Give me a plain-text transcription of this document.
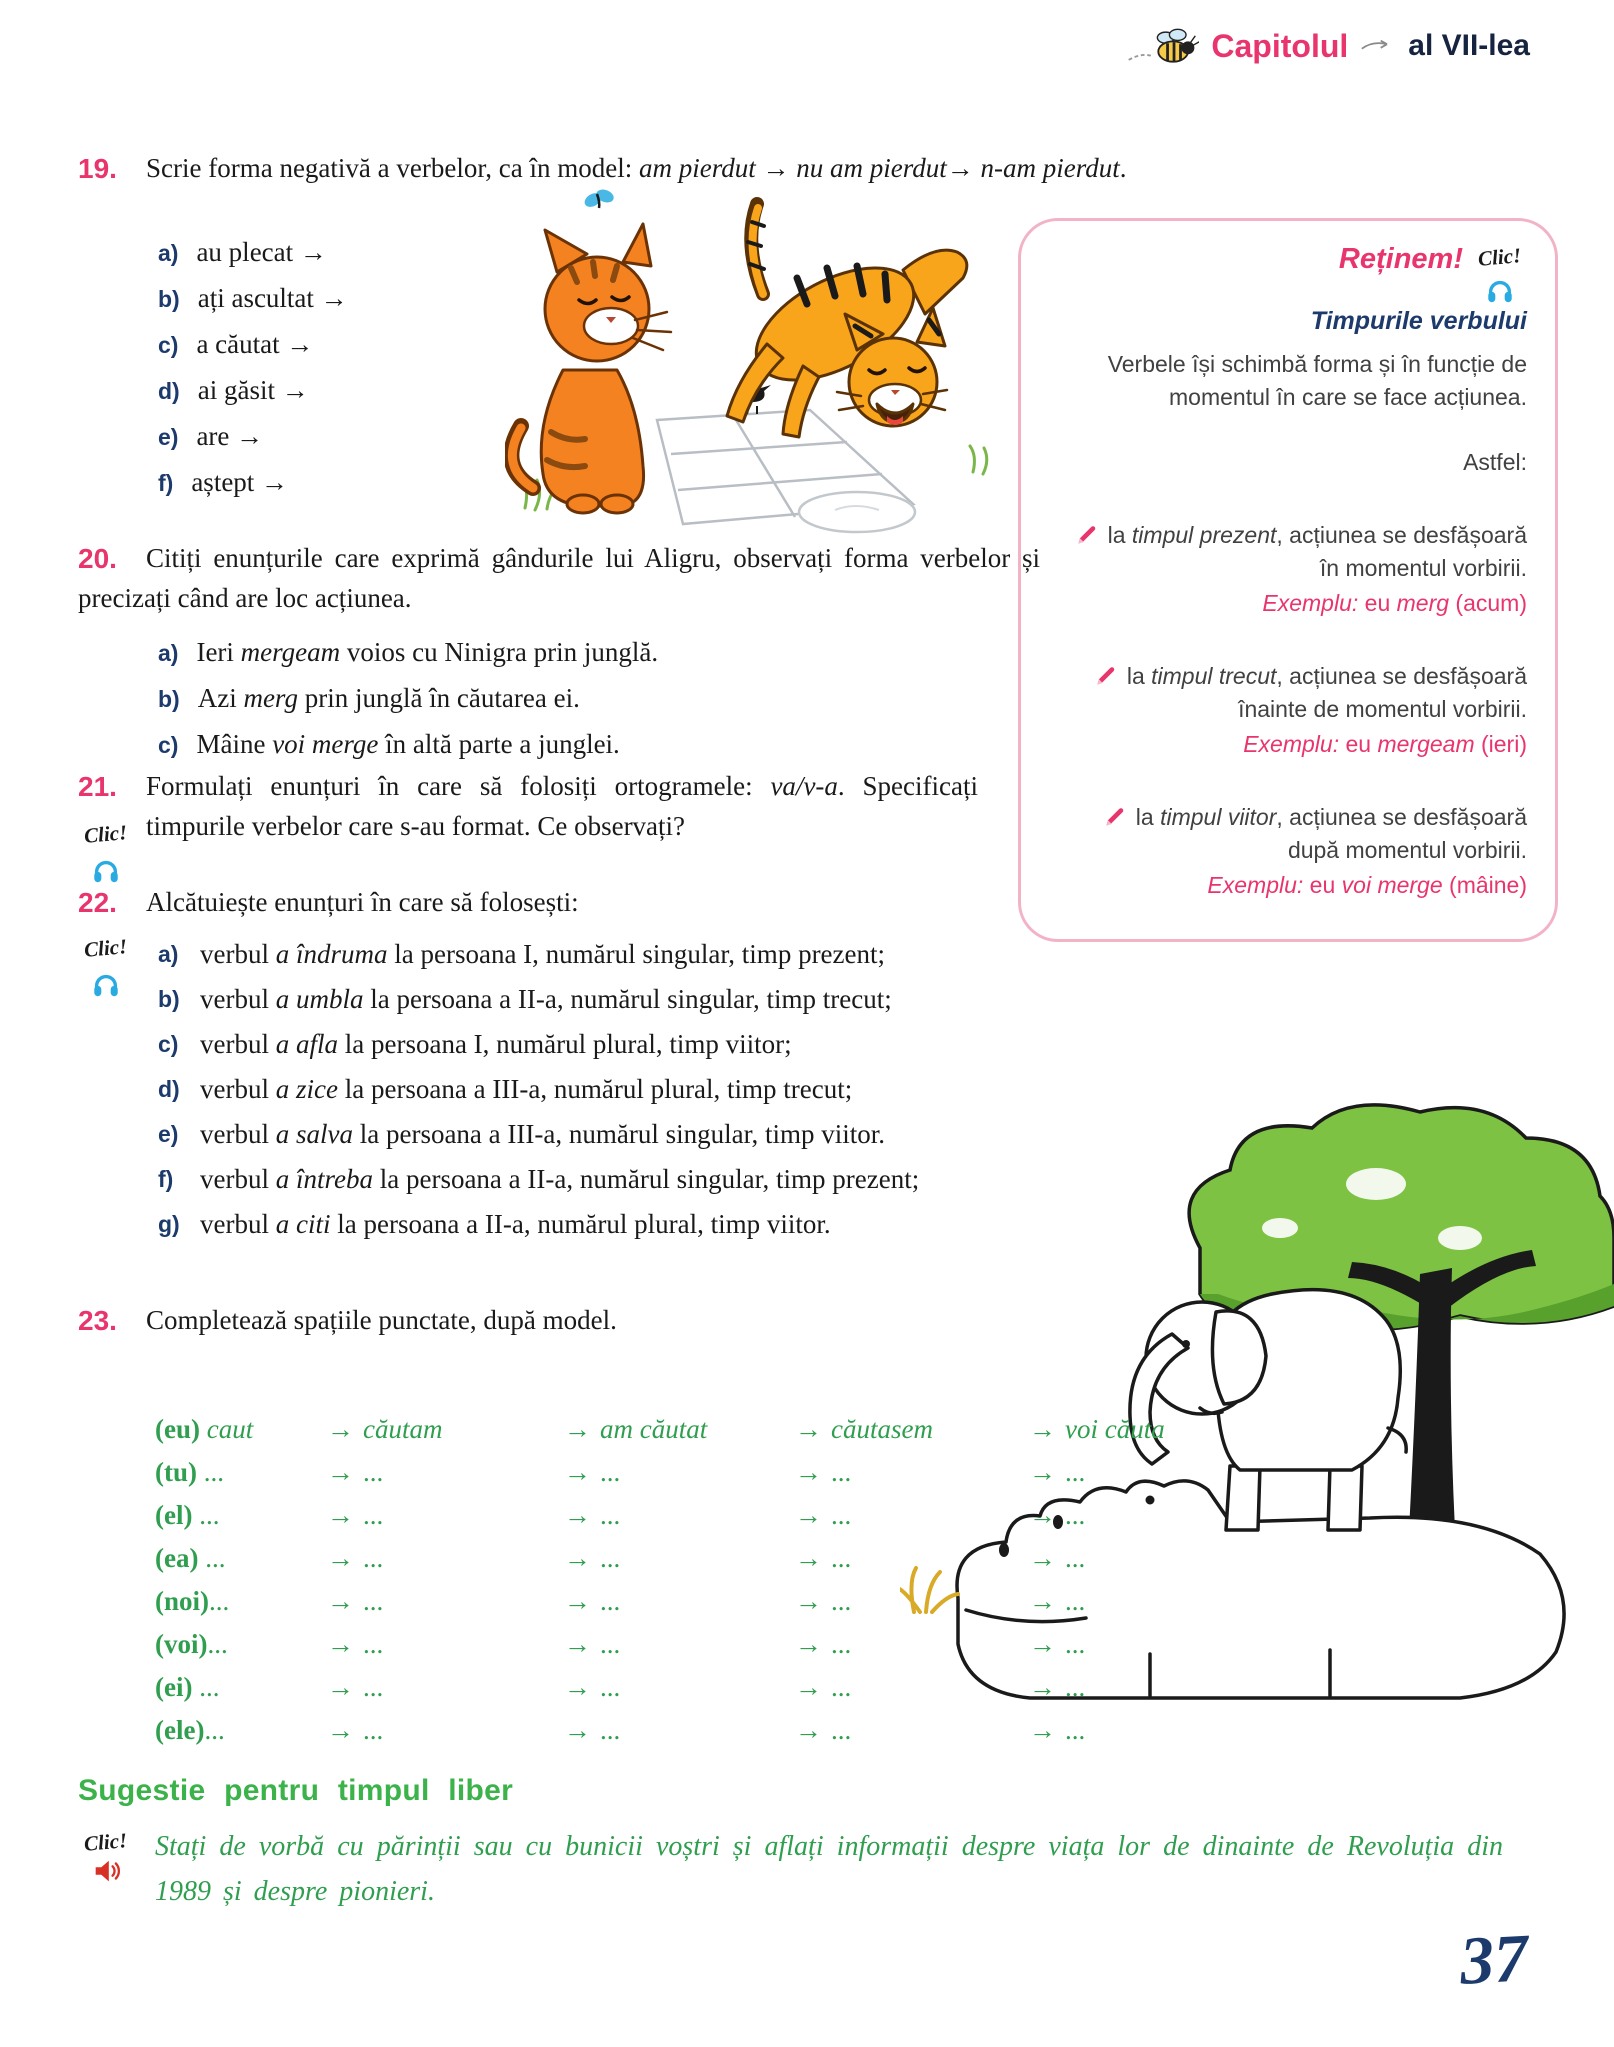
Capitolul al VII-lea
Reținem! Clic!
Timpurile verbului

Verbele își schimbă forma și în funcție de momentul în care se face acțiunea.

Astfel:

la timpul prezent, acțiunea se desfășoară în momentul vorbirii.

Exemplu: eu merg (acum)

la timpul trecut, acțiunea se desfășoară înainte de momentul vorbirii.

Exemplu: eu mergeam (ieri)

la timpul viitor, acțiunea se desfășoară după momentul vorbirii.

Exemplu: eu voi merge (mâine)

19.	Scrie forma negativă a verbelor, ca în model: am pierdut → nu am pierdut→ n-am pierdut.

a) au plecat →
b) ați ascultat →
c) a căutat →
d) ai găsit →
e) are →
f) aștept →
20.	Citiți enunțurile care exprimă gândurile lui Aligru, observați forma verbelor și precizați când are loc acțiunea.

a) Ieri mergeam voios cu Ninigra prin junglă.
b) Azi merg prin junglă în căutarea ei.
c) Mâine voi merge în altă parte a junglei.
21.	Formulați enunțuri în care să folosiți ortogramele: va/v-a. Specificați timpurile verbelor care s-au format. Ce observați?

Clic!
22.	Alcătuiește enunțuri în care să folosești:

Clic! a) verbul a îndruma la persoana I, numărul singular, timp prezent;
b) verbul a umbla la persoana a II-a, numărul singular, timp trecut;
c) verbul a afla la persoana I, numărul plural, timp viitor;
d) verbul a zice la persoana a III-a, numărul plural, timp trecut;
e) verbul a salva la persoana a III-a, numărul singular, timp viitor.
f) verbul a întreba la persoana a II-a, numărul singular, timp prezent;
g) verbul a citi la persoana a II-a, numărul plural, timp viitor.
23.	Completează spațiile punctate, după model.

(eu) caut	→ căutam	→ am căutat	→ căutasem	→ voi căuta
(tu) ...	→ ...	→ ...	→ ...	→ ...
(el) ...	→ ...	→ ...	→ ...	→ ...
(ea) ...	→ ...	→ ...	→ ...	→ ...
(noi)...	→ ...	→ ...	→ ...	→ ...
(voi)...	→ ...	→ ...	→ ...	→ ...
(ei) ...	→ ...	→ ...	→ ...	→ ...
(ele)...	→ ...	→ ...	→ ...	→ ...
Sugestie pentru timpul liber
Clic! Stați de vorbă cu părinții sau cu bunicii voștri și aflați informații despre viața lor de dinainte de Revoluția din 1989 și despre pionieri.

37
